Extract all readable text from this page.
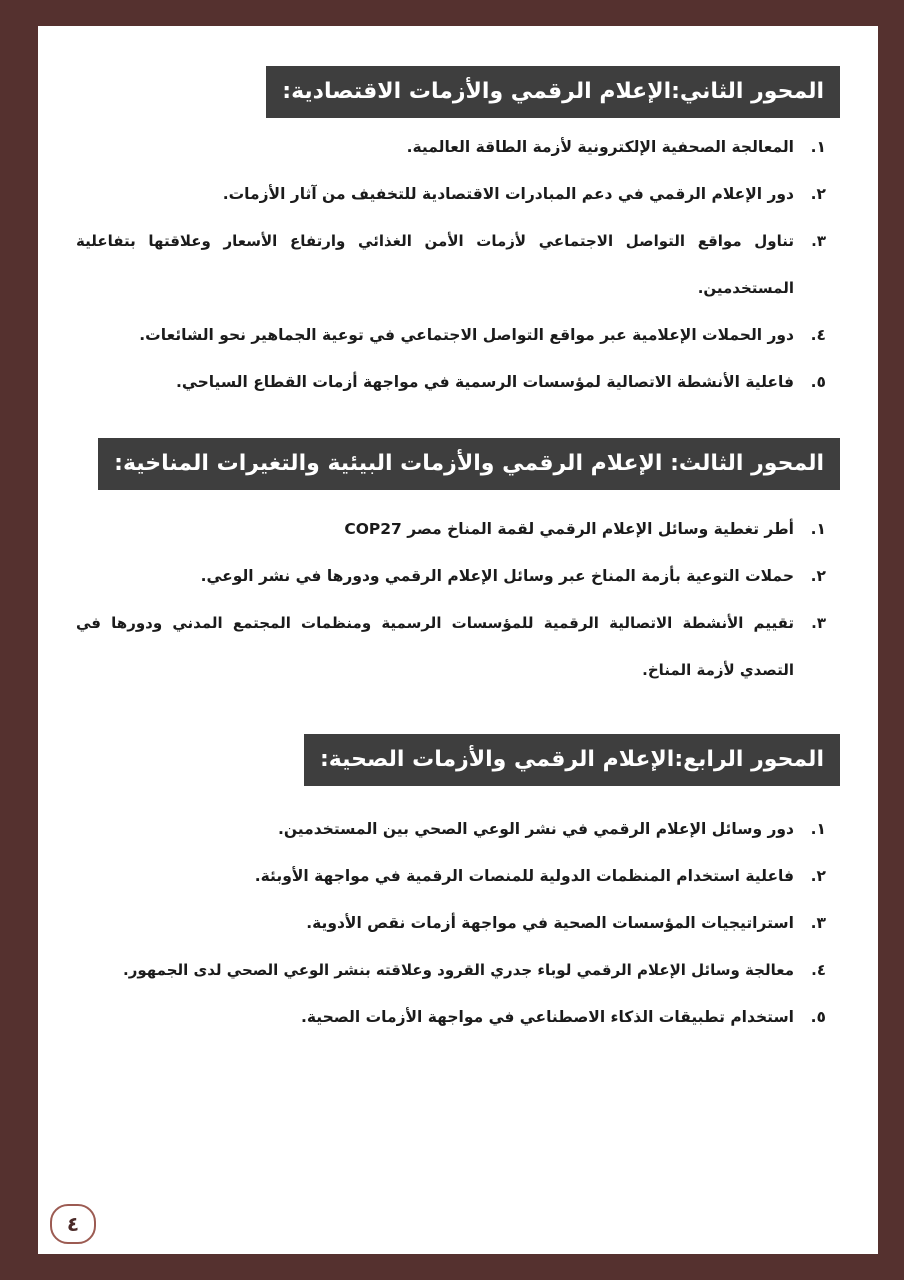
المحور الثاني:الإعلام الرقمي والأزمات الاقتصادية:
١.
المعالجة الصحفية الإلكترونية لأزمة الطاقة العالمية.
٢.
دور الإعلام الرقمي في دعم المبادرات الاقتصادية للتخفيف من آثار الأزمات.
٣.
تناول مواقع التواصل الاجتماعي لأزمات الأمن الغذائي وارتفاع الأسعار وعلاقتها بتفاعلية المستخدمين.
٤.
دور الحملات الإعلامية عبر مواقع التواصل الاجتماعي في توعية الجماهير نحو الشائعات.
٥.
فاعلية الأنشطة الاتصالية لمؤسسات الرسمية في مواجهة أزمات القطاع السياحي.
المحور الثالث: الإعلام الرقمي والأزمات البيئية والتغيرات المناخية:
١.
أطر تغطية وسائل الإعلام الرقمي لقمة المناخ مصر COP27
٢.
حملات التوعية بأزمة المناخ عبر وسائل الإعلام الرقمي ودورها في نشر الوعي.
٣.
تقييم الأنشطة الاتصالية الرقمية للمؤسسات الرسمية ومنظمات المجتمع المدني ودورها في التصدي لأزمة المناخ.
المحور الرابع:الإعلام الرقمي والأزمات الصحية:
١.
دور وسائل الإعلام الرقمي في نشر الوعي الصحي بين المستخدمين.
٢.
فاعلية استخدام المنظمات الدولية للمنصات الرقمية في مواجهة الأوبئة.
٣.
استراتيجيات المؤسسات الصحية في مواجهة أزمات نقص الأدوية.
٤.
معالجة وسائل الإعلام الرقمي لوباء جدري القرود وعلاقته بنشر الوعي الصحي لدى الجمهور.
٥.
استخدام تطبيقات الذكاء الاصطناعي في مواجهة الأزمات الصحية.
٤
